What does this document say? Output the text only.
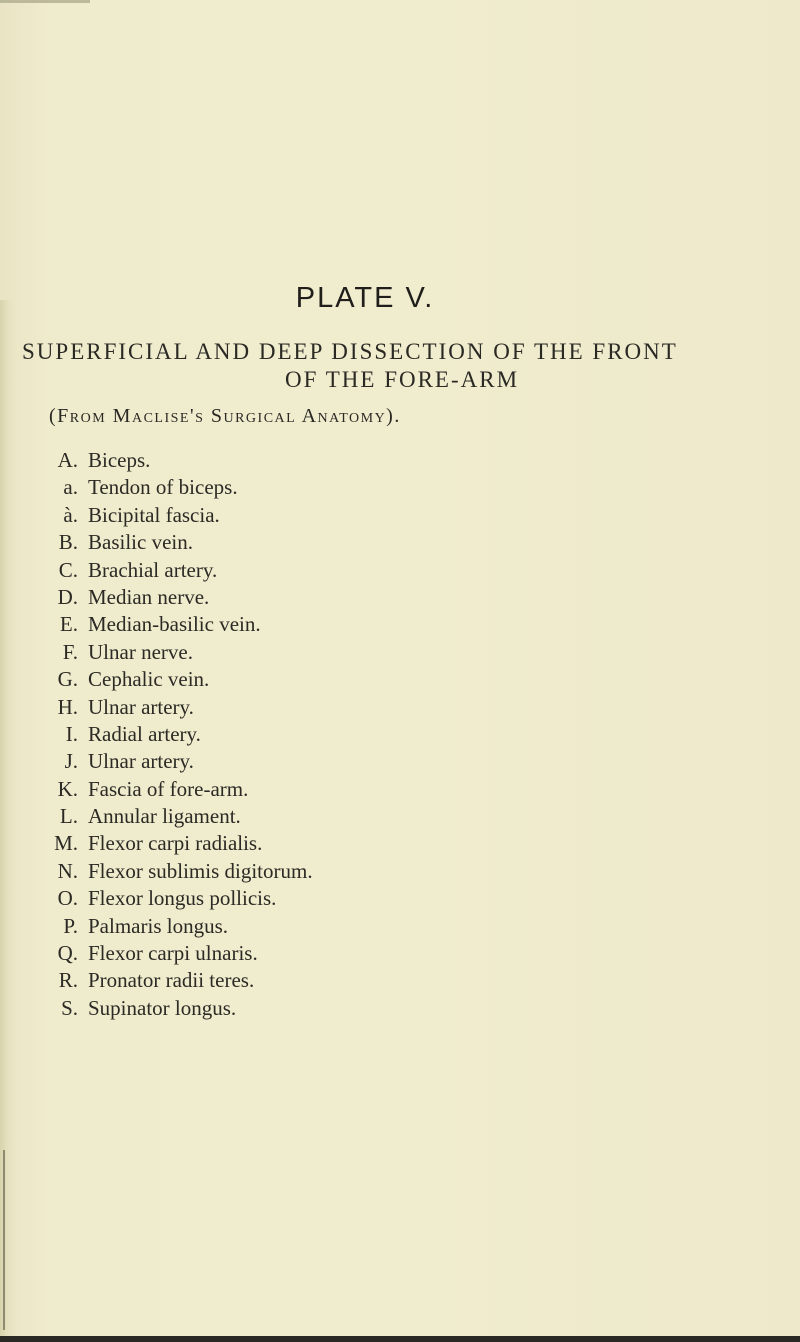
PLATE V.
SUPERFICIAL AND DEEP DISSECTION OF THE FRONT
OF THE FORE-ARM
(From Maclise's Surgical Anatomy).
A. Biceps.
a. Tendon of biceps.
à. Bicipital fascia.
B. Basilic vein.
C. Brachial artery.
D. Median nerve.
E. Median-basilic vein.
F. Ulnar nerve.
G. Cephalic vein.
H. Ulnar artery.
I. Radial artery.
J. Ulnar artery.
K. Fascia of fore-arm.
L. Annular ligament.
M. Flexor carpi radialis.
N. Flexor sublimis digitorum.
O. Flexor longus pollicis.
P. Palmaris longus.
Q. Flexor carpi ulnaris.
R. Pronator radii teres.
S. Supinator longus.
